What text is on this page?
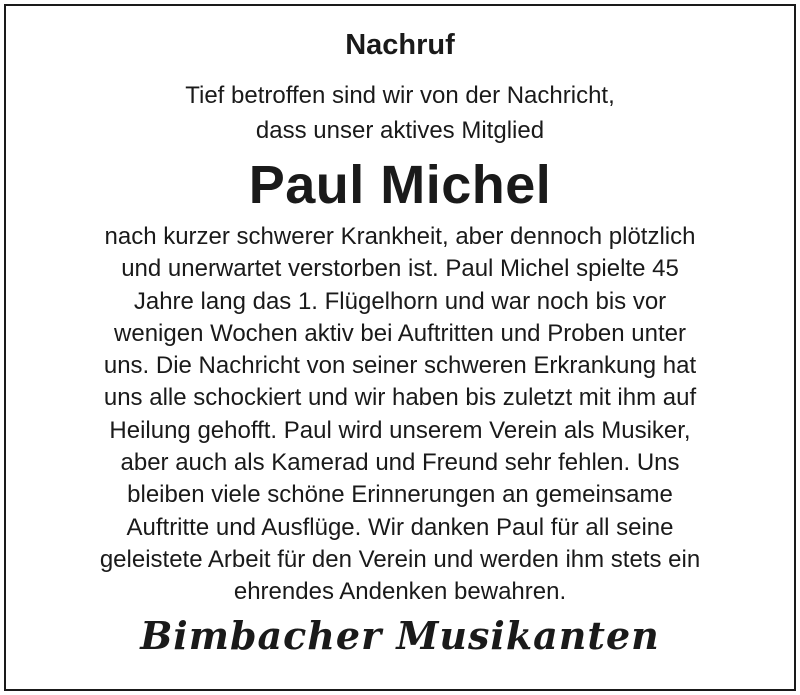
Nachruf
Tief betroffen sind wir von der Nachricht,
dass unser aktives Mitglied
Paul Michel
nach kurzer schwerer Krankheit, aber dennoch plötzlich
und unerwartet verstorben ist. Paul Michel spielte 45
Jahre lang das 1. Flügelhorn und war noch bis vor
wenigen Wochen aktiv bei Auftritten und Proben unter
uns. Die Nachricht von seiner schweren Erkrankung hat
uns alle schockiert und wir haben bis zuletzt mit ihm auf
Heilung gehofft. Paul wird unserem Verein als Musiker,
aber auch als Kamerad und Freund sehr fehlen. Uns
bleiben viele schöne Erinnerungen an gemeinsame
Auftritte und Ausflüge. Wir danken Paul für all seine
geleistete Arbeit für den Verein und werden ihm stets ein
ehrendes Andenken bewahren.
Bimbacher Musikanten
